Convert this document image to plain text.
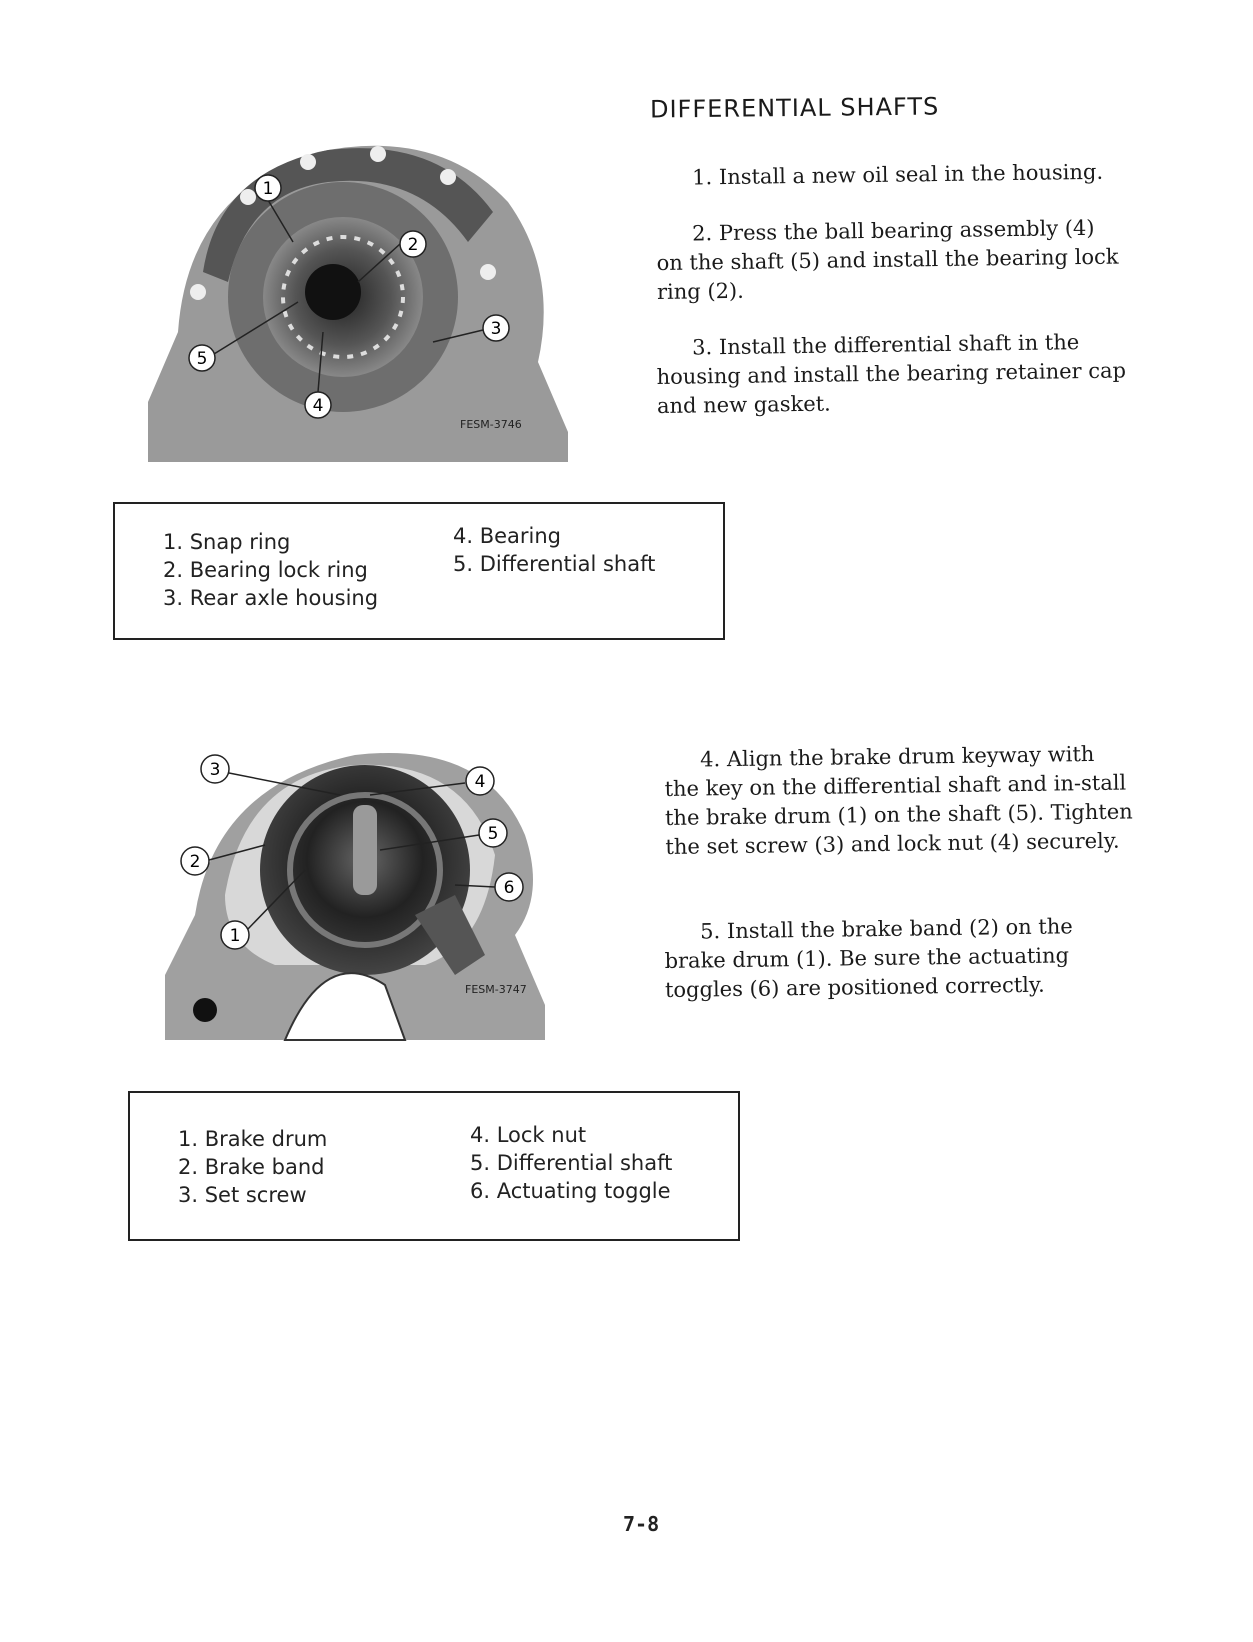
DIFFERENTIAL SHAFTS
1. Install a new oil seal in the housing.
2. Press the ball bearing assembly (4) on the shaft (5) and install the bearing lock ring (2).
3. Install the differential shaft in the housing and install the bearing retainer cap and new gasket.
4. Align the brake drum keyway with the key on the differential shaft and in-stall the brake drum (1) on the shaft (5). Tighten the set screw (3) and lock nut (4) securely.
5. Install the brake band (2) on the brake drum (1). Be sure the actuating toggles (6) are positioned correctly.
1
2
3
4
5
FESM-3746
1. Snap ring
2. Bearing lock ring
3. Rear axle housing
4. Bearing
5. Differential shaft
3
4
5
6
2
1
FESM-3747
1. Brake drum
2. Brake band
3. Set screw
4. Lock nut
5. Differential shaft
6. Actuating toggle
7-8
